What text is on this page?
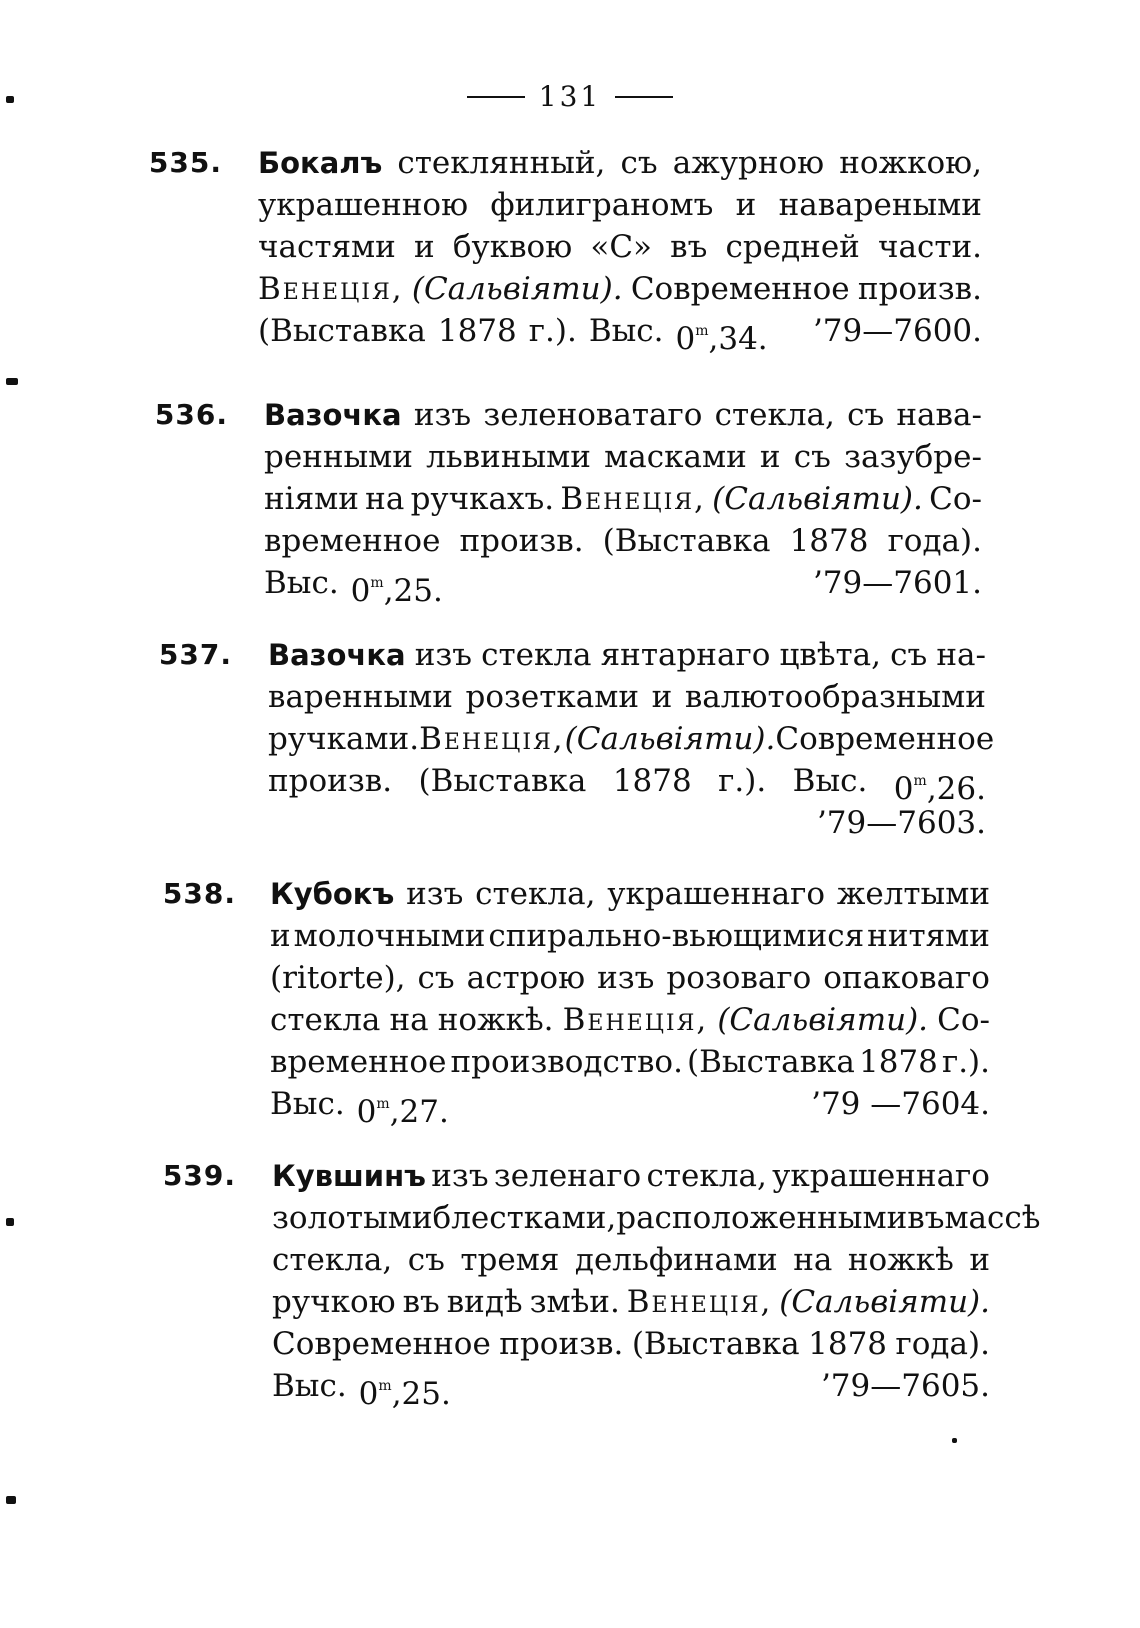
131
535. Бокалъ стеклянный, съ ажурною ножкою,
украшенною филиграномъ и навареными
частями и буквою «С» въ средней части.
Венеція, (Сальвіяти). Современное произв.
(Выставка 1878 г.). Выс. 0$^m$,34. ’79—7600.
536. Вазочка изъ зеленоватаго стекла, съ нава-
ренными львиными масками и съ зазубре-
ніями на ручкахъ. Венеція, (Сальвіяти). Со-
временное произв. (Выставка 1878 года).
Выс. 0$^m$,25.	’79—7601.
537. Вазочка изъ стекла янтарнаго цвѣта, съ на-
варенными розетками и валютообразными
ручками. Венеція, (Сальвіяти). Современное
произв. (Выставка 1878 г.). Выс. 0$^m$,26.
’79—7603.
538. Кубокъ изъ стекла, украшеннаго желтыми
и молочными спирально-вьющимися нитями
(ritorte), съ астрою изъ розоваго опаковаго
стекла на ножкѣ. Венеція, (Сальвіяти). Со-
временное производство. (Выставка 1878 г.).
Выс. 0$^m$,27.	’79 —7604.
539. Кувшинъ изъ зеленаго стекла, украшеннаго
золотыми блестками, расположенными въ массѣ
стекла, съ тремя дельфинами на ножкѣ и
ручкою въ видѣ змѣи. Венеція, (Сальвіяти).
Современное произв. (Выставка 1878 года).
Выс. 0$^m$,25.	’79—7605.
